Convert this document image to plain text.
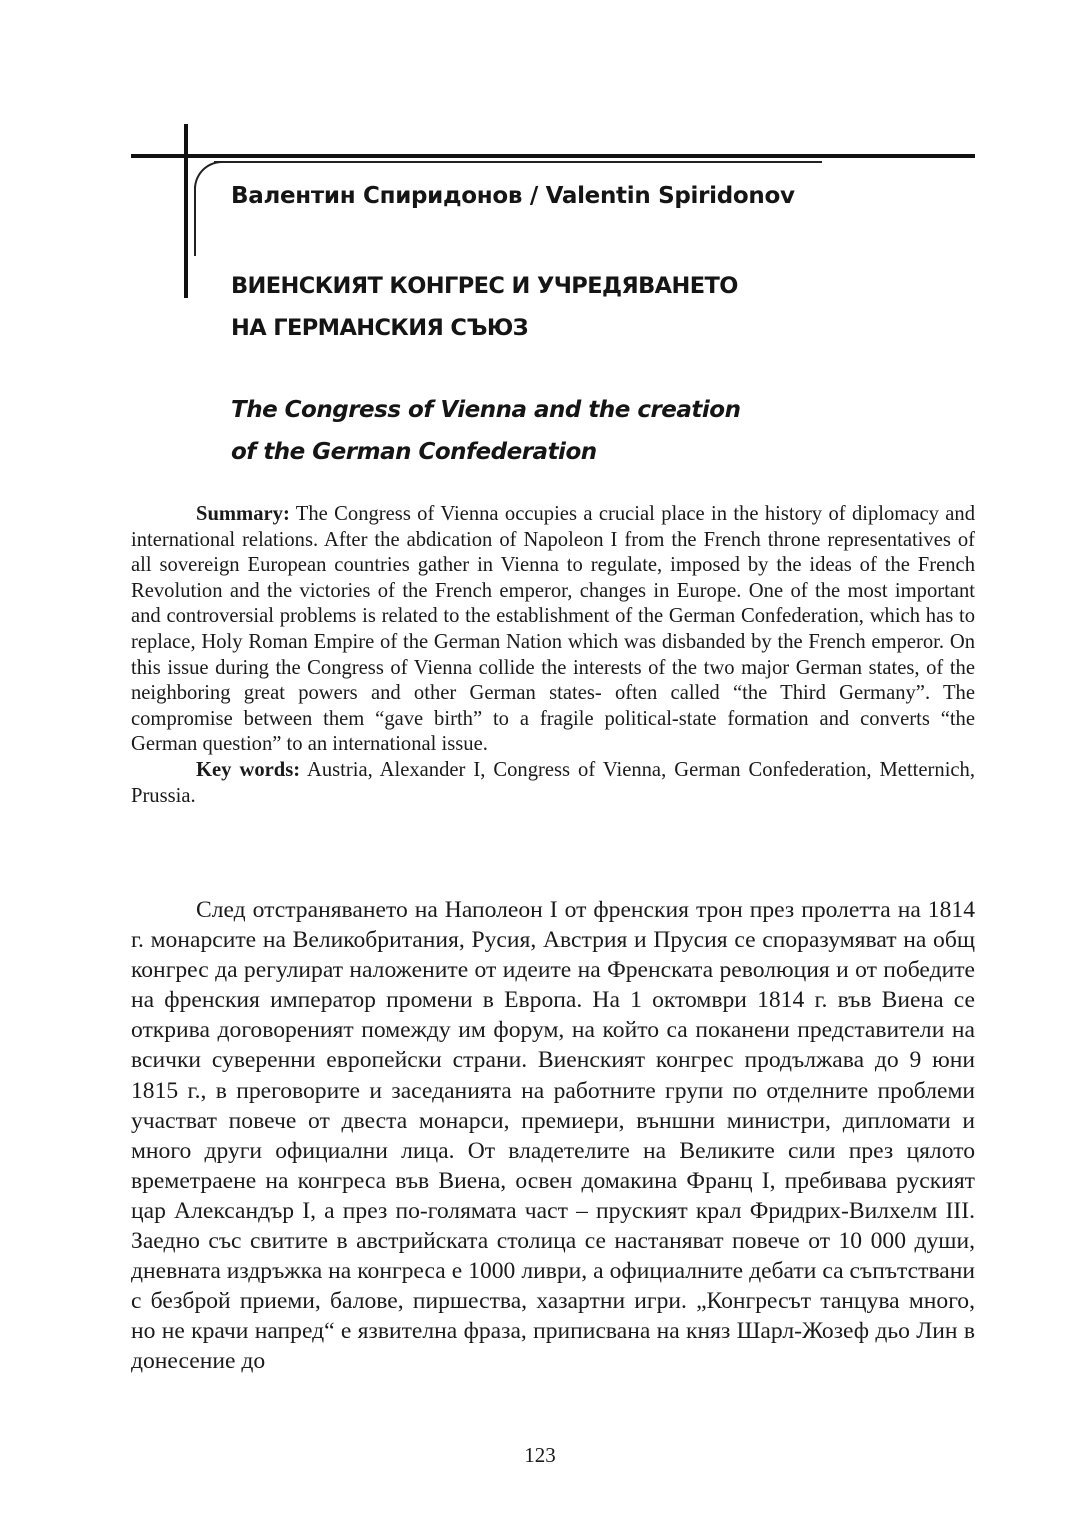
Валентин Спиридонов / Valentin Spiridonov
ВИЕНСКИЯТ КОНГРЕС И УЧРЕДЯВАНЕТО
НА ГЕРМАНСКИЯ СЪЮЗ
The Congress of Vienna and the creation
of the German Confederation

Summary: The Congress of Vienna occupies a crucial place in the history of diplomacy and international relations. After the abdication of Napoleon I from the French throne representatives of all sovereign European countries gather in Vienna to regulate, imposed by the ideas of the French Revolution and the victories of the French emperor, changes in Europe. One of the most important and controversial problems is related to the establishment of the German Confederation, which has to replace, Holy Roman Empire of the German Nation which was disbanded by the French emperor. On this issue during the Congress of Vienna collide the interests of the two major German states, of the neighboring great powers and other German states- often called “the Third Germany”. The compromise between them “gave birth” to a fragile political-state formation and converts “the German question” to an international issue.

Key words: Austria, Alexander I, Congress of Vienna, German Confederation, Metternich, Prussia.

След отстраняването на Наполеон I от френския трон през пролетта на 1814 г. монарсите на Великобритания, Русия, Австрия и Прусия се споразумяват на общ конгрес да регулират наложените от идеите на Френската революция и от победите на френския император промени в Европа. На 1 октомври 1814 г. във Виена се открива договореният помежду им форум, на който са поканени представители на всички суверенни европейски страни. Виенският конгрес продължава до 9 юни 1815 г., в преговорите и заседанията на работните групи по отделните проблеми участват повече от двеста монарси, премиери, външни министри, дипломати и много други официални лица. От владетелите на Великите сили през цялото времетраене на конгреса във Виена, освен домакина Франц I, пребивава руският цар Александър I, а през по-голямата част – пруският крал Фридрих-Вилхелм III. Заедно със свитите в австрийската столица се настаняват повече от 10 000 души, дневната издръжка на конгреса е 1000 ливри, а официалните дебати са съпътствани с безброй приеми, балове, пиршества, хазартни игри. „Конгресът танцува много, но не крачи напред“ е язвителна фраза, приписвана на княз Шарл-Жозеф дьо Лин в донесение до

123
